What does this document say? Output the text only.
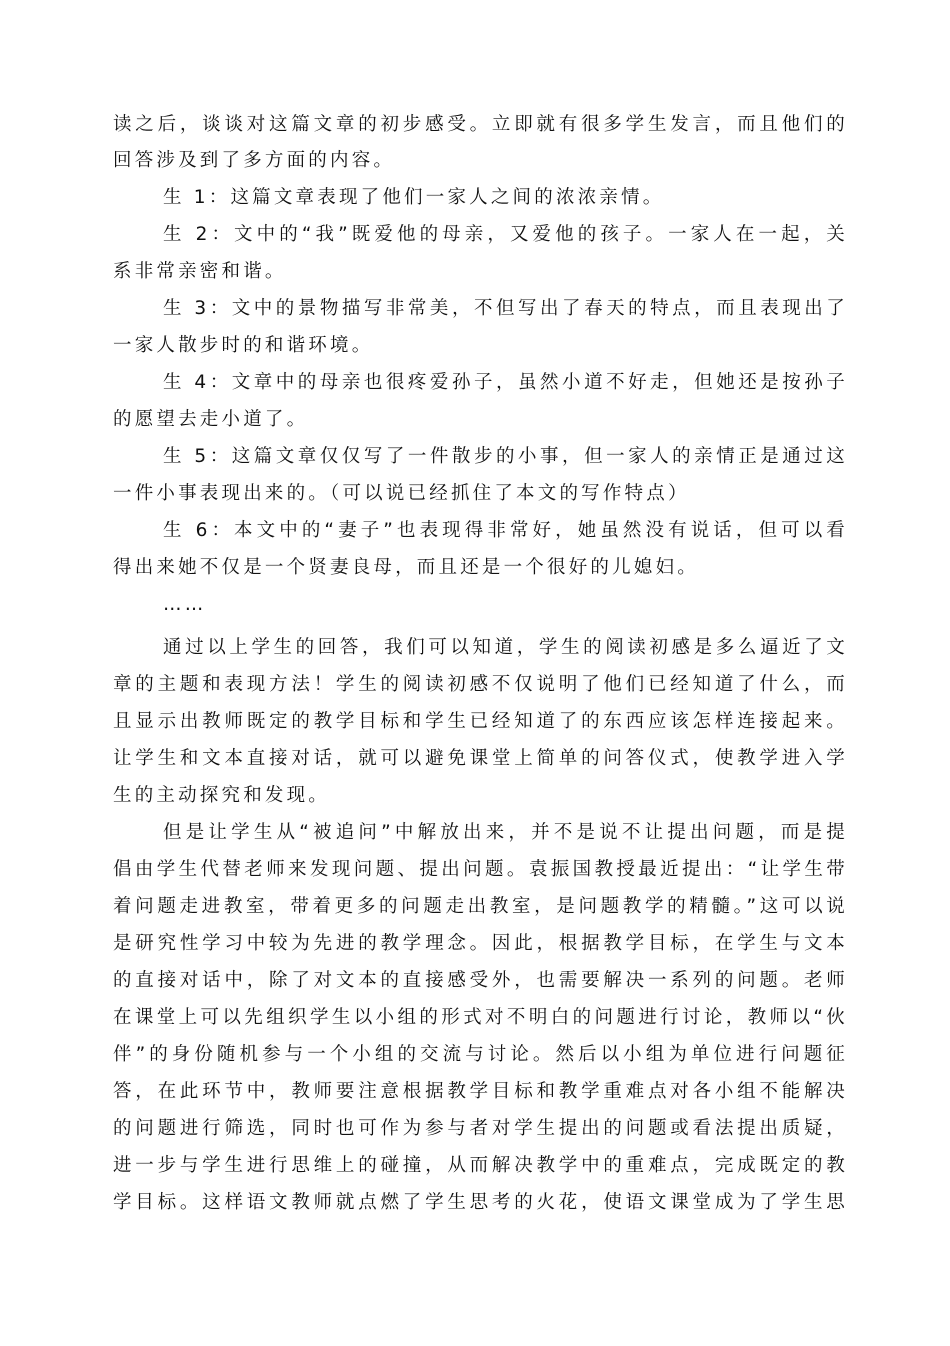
读之后，谈谈对这篇文章的初步感受。立即就有很多学生发言，而且他们的
回答涉及到了多方面的内容。
生 1：这篇文章表现了他们一家人之间的浓浓亲情。
生 2：文中的“我”既爱他的母亲，又爱他的孩子。一家人在一起，关
系非常亲密和谐。
生 3：文中的景物描写非常美，不但写出了春天的特点，而且表现出了
一家人散步时的和谐环境。
生 4：文章中的母亲也很疼爱孙子，虽然小道不好走，但她还是按孙子
的愿望去走小道了。
生 5：这篇文章仅仅写了一件散步的小事，但一家人的亲情正是通过这
一件小事表现出来的。（可以说已经抓住了本文的写作特点）
生 6：本文中的“妻子”也表现得非常好，她虽然没有说话，但可以看
得出来她不仅是一个贤妻良母，而且还是一个很好的儿媳妇。
……
通过以上学生的回答，我们可以知道，学生的阅读初感是多么逼近了文
章的主题和表现方法！学生的阅读初感不仅说明了他们已经知道了什么，而
且显示出教师既定的教学目标和学生已经知道了的东西应该怎样连接起来。
让学生和文本直接对话，就可以避免课堂上简单的问答仪式，使教学进入学
生的主动探究和发现。
但是让学生从“被追问”中解放出来，并不是说不让提出问题，而是提
倡由学生代替老师来发现问题、提出问题。袁振国教授最近提出：“让学生带
着问题走进教室，带着更多的问题走出教室，是问题教学的精髓。”这可以说
是研究性学习中较为先进的教学理念。因此，根据教学目标，在学生与文本
的直接对话中，除了对文本的直接感受外，也需要解决一系列的问题。老师
在课堂上可以先组织学生以小组的形式对不明白的问题进行讨论，教师以“伙
伴”的身份随机参与一个小组的交流与讨论。然后以小组为单位进行问题征
答，在此环节中，教师要注意根据教学目标和教学重难点对各小组不能解决
的问题进行筛选，同时也可作为参与者对学生提出的问题或看法提出质疑，
进一步与学生进行思维上的碰撞，从而解决教学中的重难点，完成既定的教
学目标。这样语文教师就点燃了学生思考的火花，使语文课堂成为了学生思
